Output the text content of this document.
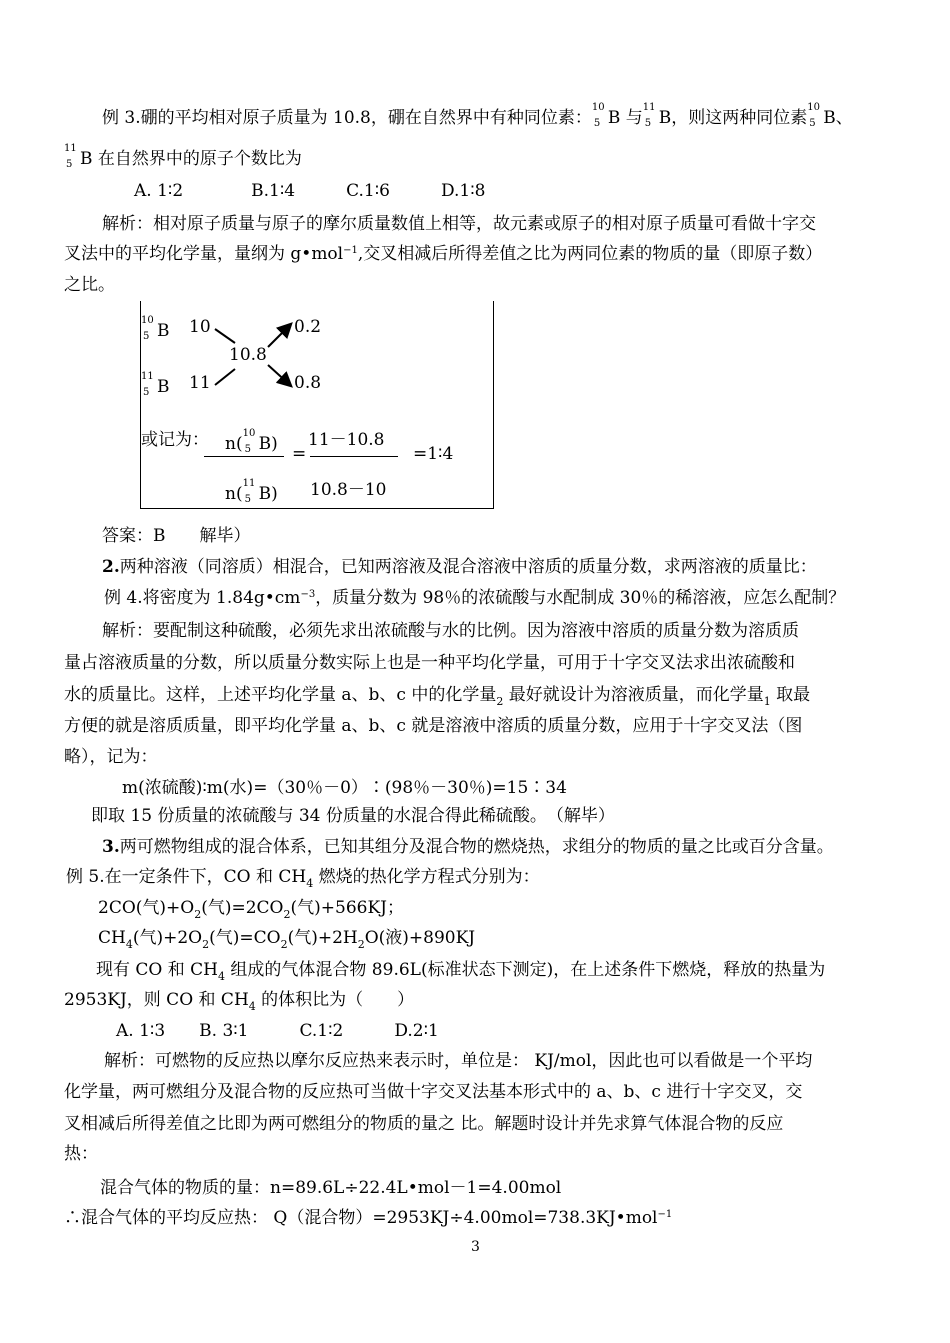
例 3.硼的平均相对原子质量为 10.8，硼在自然界中有种同位素：
10
5 B 与
11
5 B，则这两种同位素
10
5 B、
11
5 B 在自然界中的原子个数比为
A. 1∶2　　　　B.1∶4　　　C.1∶6　　　D.1∶8
解析：相对原子质量与原子的摩尔质量数值上相等，故元素或原子的相对原子质量可看做十字交
叉法中的平均化学量，量纲为 g•mol$^{-1}$,交叉相减后所得差值之比为两同位素的物质的量（即原子数）
之比。
10
5 B 10	0.2
10.8
11
5 B 11	0.8
或记为： n(
10
5 B) =
11－10.8
=1∶4
n(
11
5 B) 10.8－10
答案：B　　解毕）
2.两种溶液（同溶质）相混合，已知两溶液及混合溶液中溶质的质量分数，求两溶液的质量比：
例 4.将密度为 $1.84g•cm^{-3}$，质量分数为 98％的浓硫酸与水配制成 30％的稀溶液，应怎么配制？
解析：要配制这种硫酸，必须先求出浓硫酸与水的比例。因为溶液中溶质的质量分数为溶质质
量占溶液质量的分数，所以质量分数实际上也是一种平均化学量，可用于十字交叉法求出浓硫酸和
水的质量比。这样，上述平均化学量 a、b、c 中的化学量$_2$ 最好就设计为溶液质量，而化学量$_1$ 取最
方便的就是溶质质量，即平均化学量 a、b、c 就是溶液中溶质的质量分数，应用于十字交叉法（图
略），记为：
m(浓硫酸)∶m(水)=（30％－0）∶(98％－30％)=15∶34
即取 15 份质量的浓硫酸与 34 份质量的水混合得此稀硫酸。　（解毕）
3.两可燃物组成的混合体系，已知其组分及混合物的燃烧热，求组分的物质的量之比或百分含量。
例 5.在一定条件下，CO 和 $CH_4$ 燃烧的热化学方程式分别为：
2CO(气)$+O_2$(气)$=2CO_2$(气)+566KJ；
$CH_4$(气)$+2O_2$(气)$=CO_2$(气)$+2H_2O$(液)+890KJ
现有 CO 和 $CH_4$ 组成的气体混合物 89.6L(标准状态下测定)，在上述条件下燃烧，释放的热量为
2953KJ，则 CO 和 $CH_4$ 的体积比为（　　）
A. 1∶3　　B. 3∶1　　　C.1∶2　　　D.2∶1
解析：可燃物的反应热以摩尔反应热来表示时，单位是： KJ/mol，因此也可以看做是一个平均
化学量，两可燃组分及混合物的反应热可当做十字交叉法基本形式中的 a、b、c 进行十字交叉，交
叉相减后所得差值之比即为两可燃组分的物质的量之 比。解题时设计并先求算气体混合物的反应
热：
混合气体的物质的量：n=89.6L÷22.4L•mol－1=4.00mol
∴混合气体的平均反应热： Q（混合物）=2953KJ÷4.00mol=738.3KJ•mol$^{-1}$
3
